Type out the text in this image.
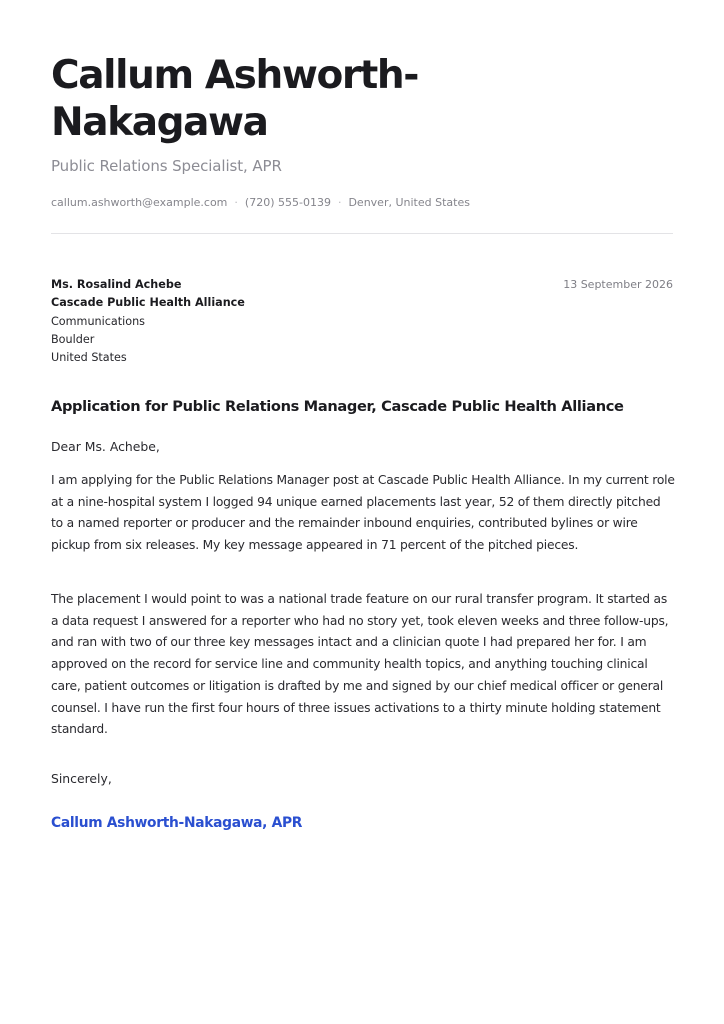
Callum Ashworth-Nakagawa
Public Relations Specialist, APR
callum.ashworth@example.com · (720) 555-0139 · Denver, United States
Ms. Rosalind Achebe
Cascade Public Health Alliance
Communications
Boulder
United States
13 September 2026
Application for Public Relations Manager, Cascade Public Health Alliance
Dear Ms. Achebe,

I am applying for the Public Relations Manager post at Cascade Public Health Alliance. In my current role at a nine-hospital system I logged 94 unique earned placements last year, 52 of them directly pitched to a named reporter or producer and the remainder inbound enquiries, contributed bylines or wire pickup from six releases. My key message appeared in 71 percent of the pitched pieces.

The placement I would point to was a national trade feature on our rural transfer program. It started as a data request I answered for a reporter who had no story yet, took eleven weeks and three follow-ups, and ran with two of our three key messages intact and a clinician quote I had prepared her for. I am approved on the record for service line and community health topics, and anything touching clinical care, patient outcomes or litigation is drafted by me and signed by our chief medical officer or general counsel. I have run the first four hours of three issues activations to a thirty minute holding statement standard.

Sincerely,
Callum Ashworth-Nakagawa, APR
